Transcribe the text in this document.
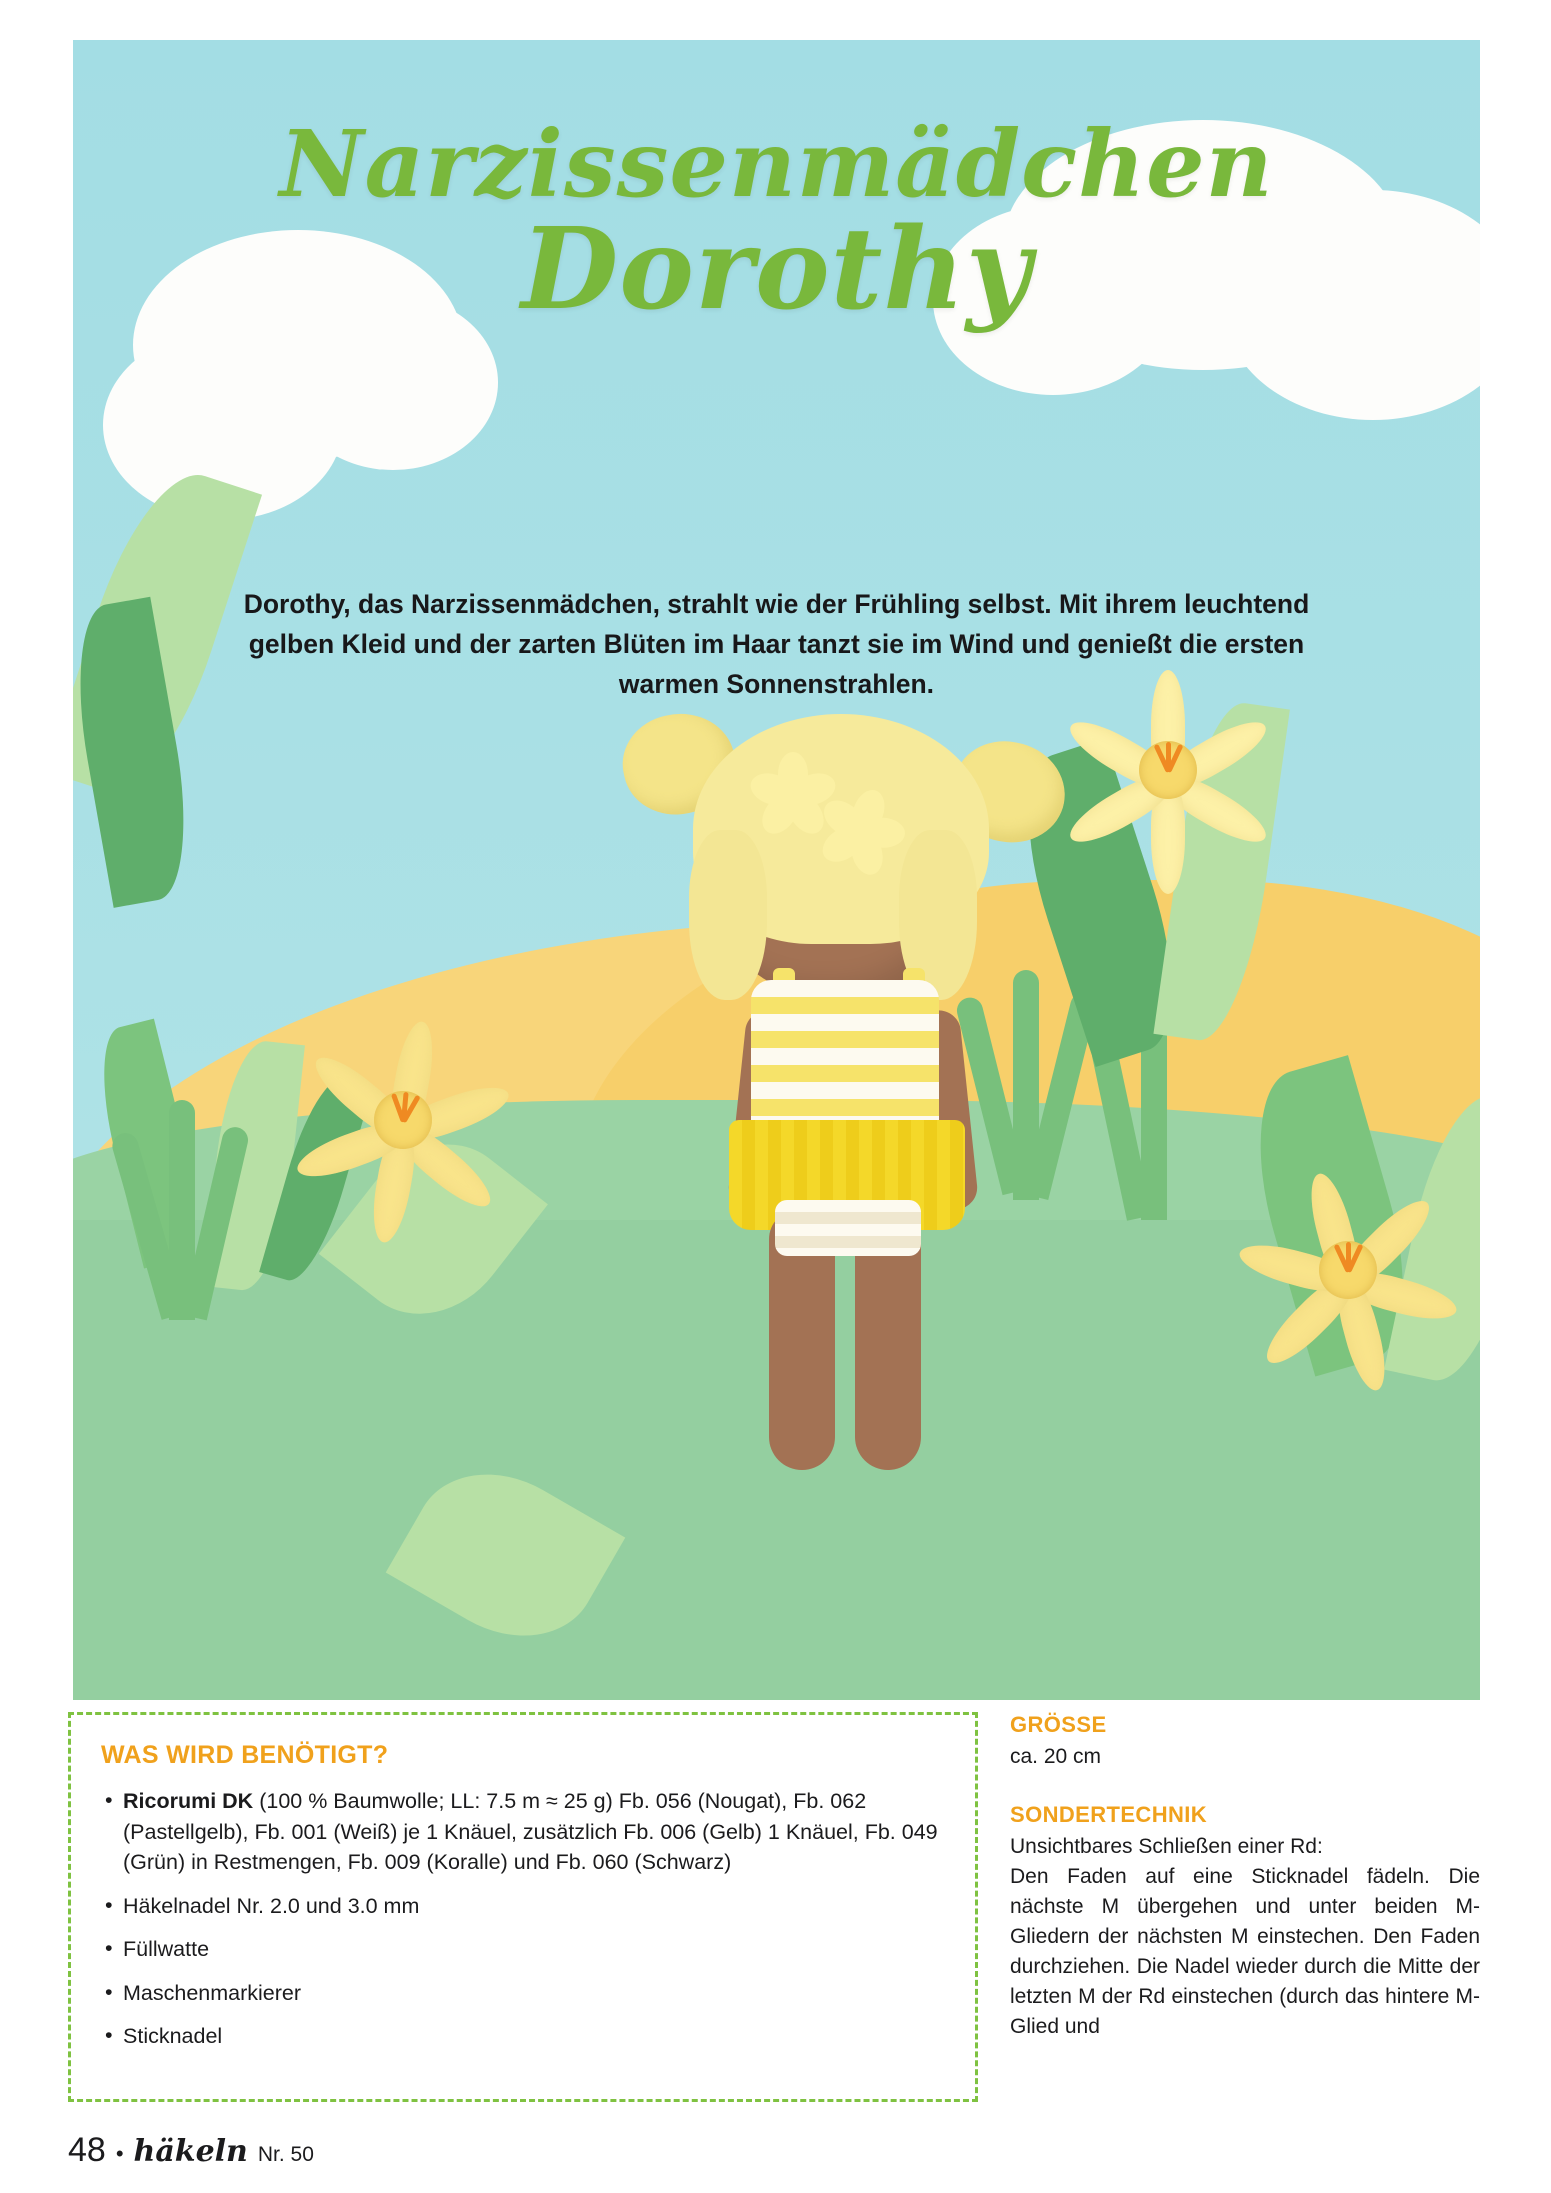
Narzissenmädchen
Dorothy
Dorothy, das Narzissenmädchen, strahlt wie der Frühling selbst. Mit ihrem leuchtend gelben Kleid und der zarten Blüten im Haar tanzt sie im Wind und genießt die ersten warmen Sonnenstrahlen.
WAS WIRD BENÖTIGT?
• Ricorumi DK (100 % Baumwolle; LL: 7.5 m ≈ 25 g) Fb. 056 (Nougat), Fb. 062 (Pastellgelb), Fb. 001 (Weiß) je 1 Knäuel, zusätzlich Fb. 006 (Gelb) 1 Knäuel, Fb. 049 (Grün) in Restmengen, Fb. 009 (Koralle) und Fb. 060 (Schwarz)
• Häkelnadel Nr. 2.0 und 3.0 mm
• Füllwatte
• Maschenmarkierer
• Sticknadel
GRÖSSE
ca. 20 cm
SONDERTECHNIK
Unsichtbares Schließen einer Rd:
Den Faden auf eine Sticknadel fädeln. Die nächste M übergehen und unter beiden M-Gliedern der nächsten M einstechen. Den Faden durchziehen. Die Nadel wieder durch die Mitte der letzten M der Rd einstechen (durch das hintere M-Glied und
48 • häkeln Nr. 50
